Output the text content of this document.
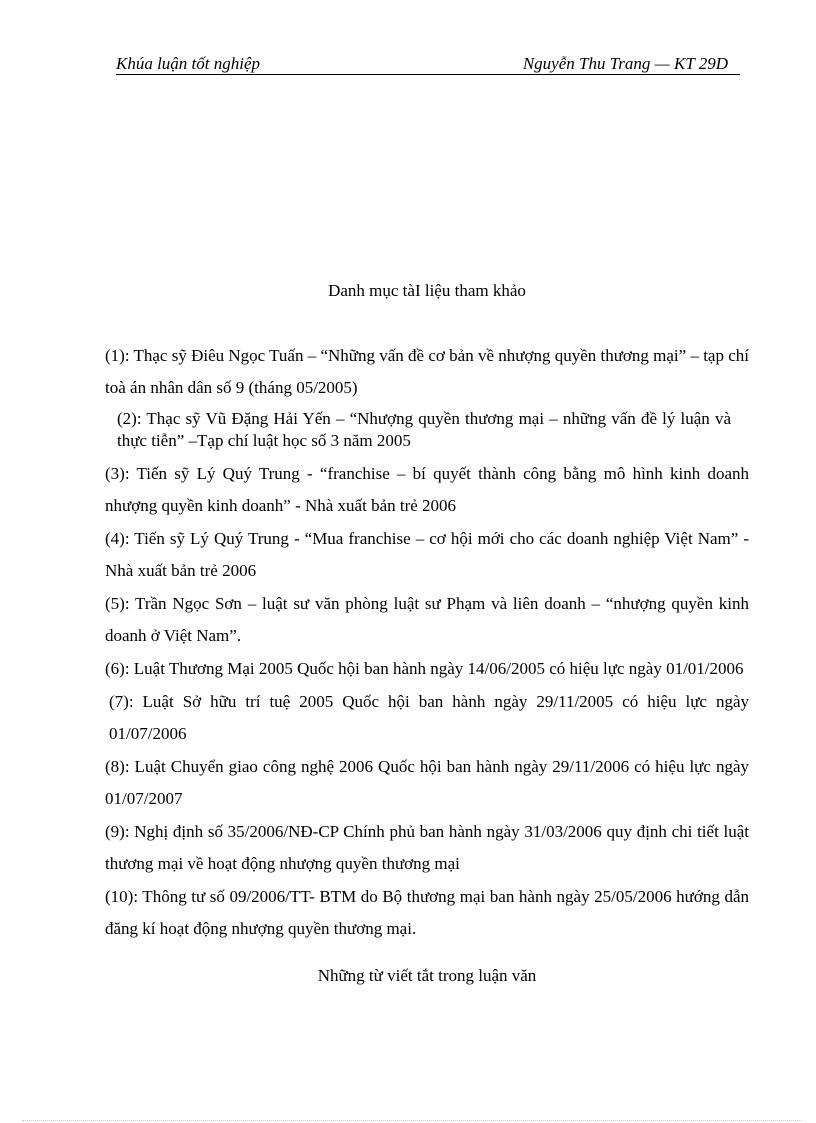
Khúa luận tốt nghiệp	Nguyễn Thu Trang — KT 29D
Danh mục tàI liệu tham khảo
(1): Thạc sỹ Điêu Ngọc Tuấn – “Những vấn đề cơ bản về nhượng quyền thương mại” – tạp chí toà án nhân dân số 9 (tháng 05/2005)
(2): Thạc sỹ Vũ Đặng Hải Yến – “Nhượng quyền thương mại – những vấn đề lý luận và thực tiễn” –Tạp chí luật học số 3 năm 2005
(3): Tiến sỹ Lý Quý Trung - “franchise – bí quyết thành công bằng mô hình kinh doanh nhượng quyền kinh doanh” - Nhà xuất bản trẻ 2006
(4): Tiến sỹ Lý Quý Trung - “Mua franchise – cơ hội mới cho các doanh nghiệp Việt Nam” - Nhà xuất bản trẻ 2006
(5): Trần Ngọc Sơn – luật sư văn phòng luật sư Phạm và liên doanh – “nhượng quyền kinh doanh ở Việt Nam”.
(6): Luật Thương Mại 2005 Quốc hội ban hành ngày 14/06/2005 có hiệu lực ngày 01/01/2006
(7): Luật Sở hữu trí tuệ 2005 Quốc hội ban hành ngày 29/11/2005 có hiệu lực ngày 01/07/2006
(8): Luật Chuyển giao công nghệ 2006 Quốc hội ban hành ngày 29/11/2006 có hiệu lực ngày 01/07/2007
(9): Nghị định số 35/2006/NĐ-CP Chính phủ ban hành ngày 31/03/2006 quy định chi tiết luật thương mại về hoạt động nhượng quyền thương mại
(10): Thông tư số 09/2006/TT- BTM do Bộ thương mại ban hành ngày 25/05/2006 hướng dẫn đăng kí hoạt động nhượng quyền thương mại.
Những từ viết tắt trong luận văn
